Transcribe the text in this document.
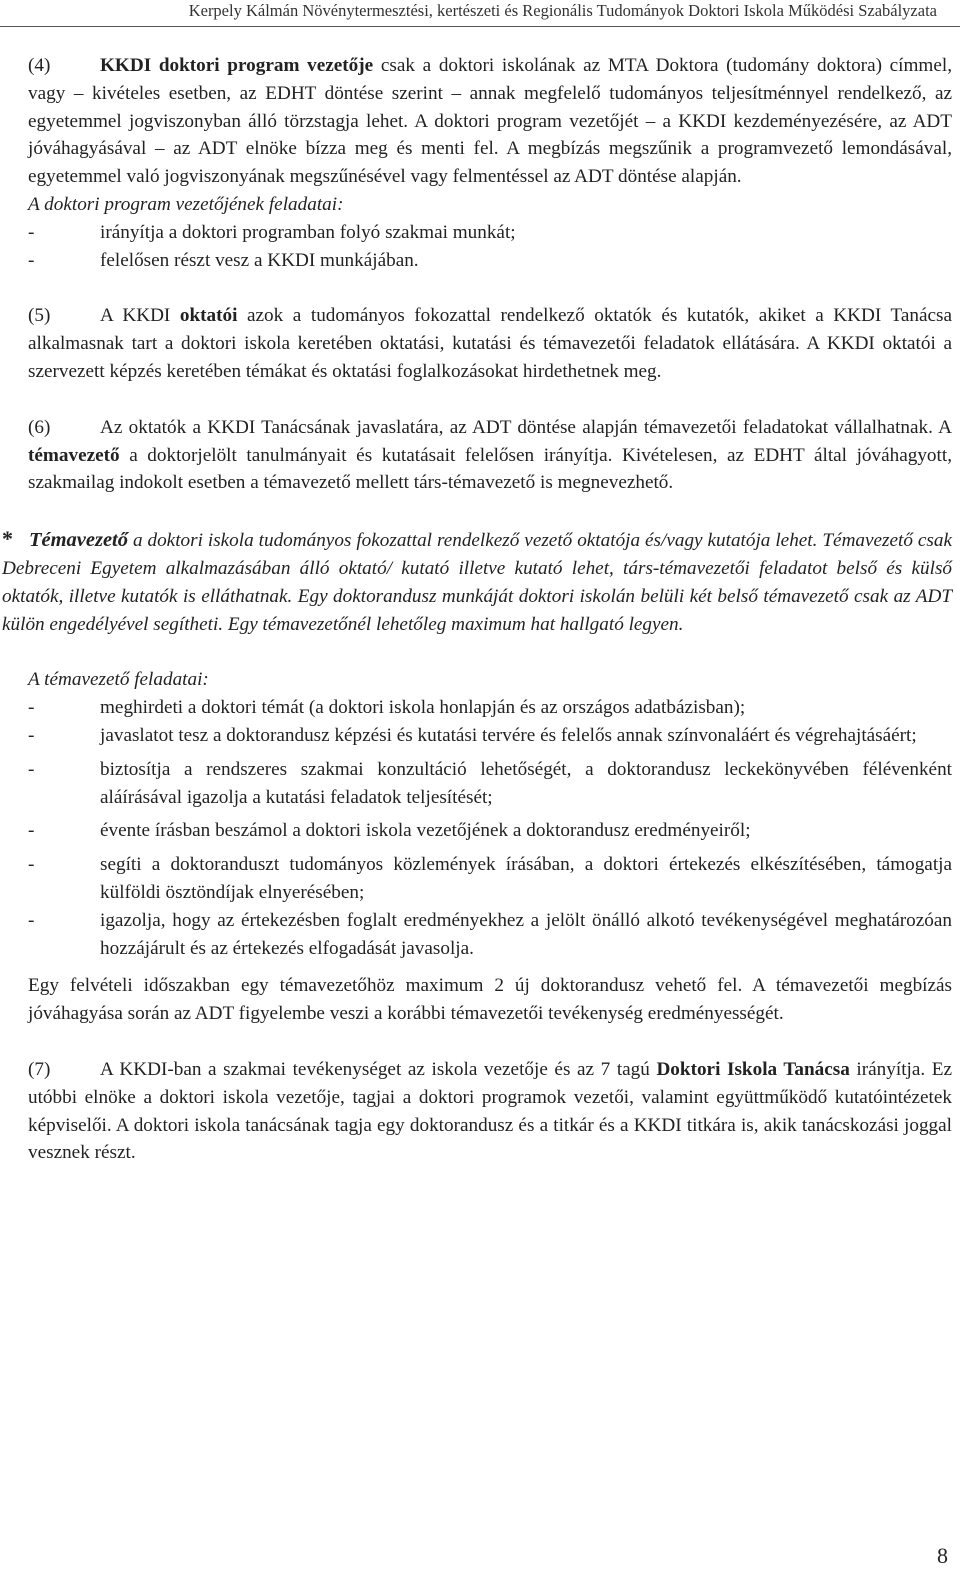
Kerpely Kálmán Növénytermesztési, kertészeti és Regionális Tudományok Doktori Iskola Működési Szabályzata

(4)	KKDI doktori program vezetője csak a doktori iskolának az MTA Doktora (tudomány doktora) címmel, vagy – kivételes esetben, az EDHT döntése szerint – annak megfelelő tudományos teljesítménnyel rendelkező, az egyetemmel jogviszonyban álló törzstagja lehet. A doktori program vezetőjét – a KKDI kezdeményezésére, az ADT jóváhagyásával – az ADT elnöke bízza meg és menti fel. A megbízás megszűnik a programvezető lemondásával, egyetemmel való jogviszonyának megszűnésével vagy felmentéssel az ADT döntése alapján.

A doktori program vezetőjének feladatai:

-	irányítja a doktori programban folyó szakmai munkát;
-	felelősen részt vesz a KKDI munkájában.

(5)	A KKDI oktatói azok a tudományos fokozattal rendelkező oktatók és kutatók, akiket a KKDI Tanácsa alkalmasnak tart a doktori iskola keretében oktatási, kutatási és témavezetői feladatok ellátására. A KKDI oktatói a szervezett képzés keretében témákat és oktatási foglalkozásokat hirdethetnek meg.

(6)	Az oktatók a KKDI Tanácsának javaslatára, az ADT döntése alapján témavezetői feladatokat vállalhatnak. A témavezető a doktorjelölt tanulmányait és kutatásait felelősen irányítja. Kivételesen, az EDHT által jóváhagyott, szakmailag indokolt esetben a témavezető mellett társ-témavezető is megnevezhető.

* Témavezető a doktori iskola tudományos fokozattal rendelkező vezető oktatója és/vagy kutatója lehet. Témavezető csak Debreceni Egyetem alkalmazásában álló oktató/ kutató illetve kutató lehet, társ-témavezetői feladatot belső és külső oktatók, illetve kutatók is elláthatnak. Egy doktorandusz munkáját doktori iskolán belüli két belső témavezető csak az ADT külön engedélyével segítheti. Egy témavezetőnél lehetőleg maximum hat hallgató legyen.

A témavezető feladatai:

-	meghirdeti a doktori témát (a doktori iskola honlapján és az országos adatbázisban);
-	javaslatot tesz a doktorandusz képzési és kutatási tervére és felelős annak színvonaláért és végrehajtásáért;
-	biztosítja a rendszeres szakmai konzultáció lehetőségét, a doktorandusz leckekönyvében félévenként aláírásával igazolja a kutatási feladatok teljesítését;
-	évente írásban beszámol a doktori iskola vezetőjének a doktorandusz eredményeiről;
-	segíti a doktoranduszt tudományos közlemények írásában, a doktori értekezés elkészítésében, támogatja külföldi ösztöndíjak elnyerésében;
-	igazolja, hogy az értekezésben foglalt eredményekhez a jelölt önálló alkotó tevékenységével meghatározóan hozzájárult és az értekezés elfogadását javasolja.

Egy felvételi időszakban egy témavezetőhöz maximum 2 új doktorandusz vehető fel. A témavezetői megbízás jóváhagyása során az ADT figyelembe veszi a korábbi témavezetői tevékenység eredményességét.

(7)	A KKDI-ban a szakmai tevékenységet az iskola vezetője és az 7 tagú Doktori Iskola Tanácsa irányítja. Ez utóbbi elnöke a doktori iskola vezetője, tagjai a doktori programok vezetői, valamint együttműködő kutatóintézetek képviselői. A doktori iskola tanácsának tagja egy doktorandusz és a titkár és a KKDI titkára is, akik tanácskozási joggal vesznek részt.

8
